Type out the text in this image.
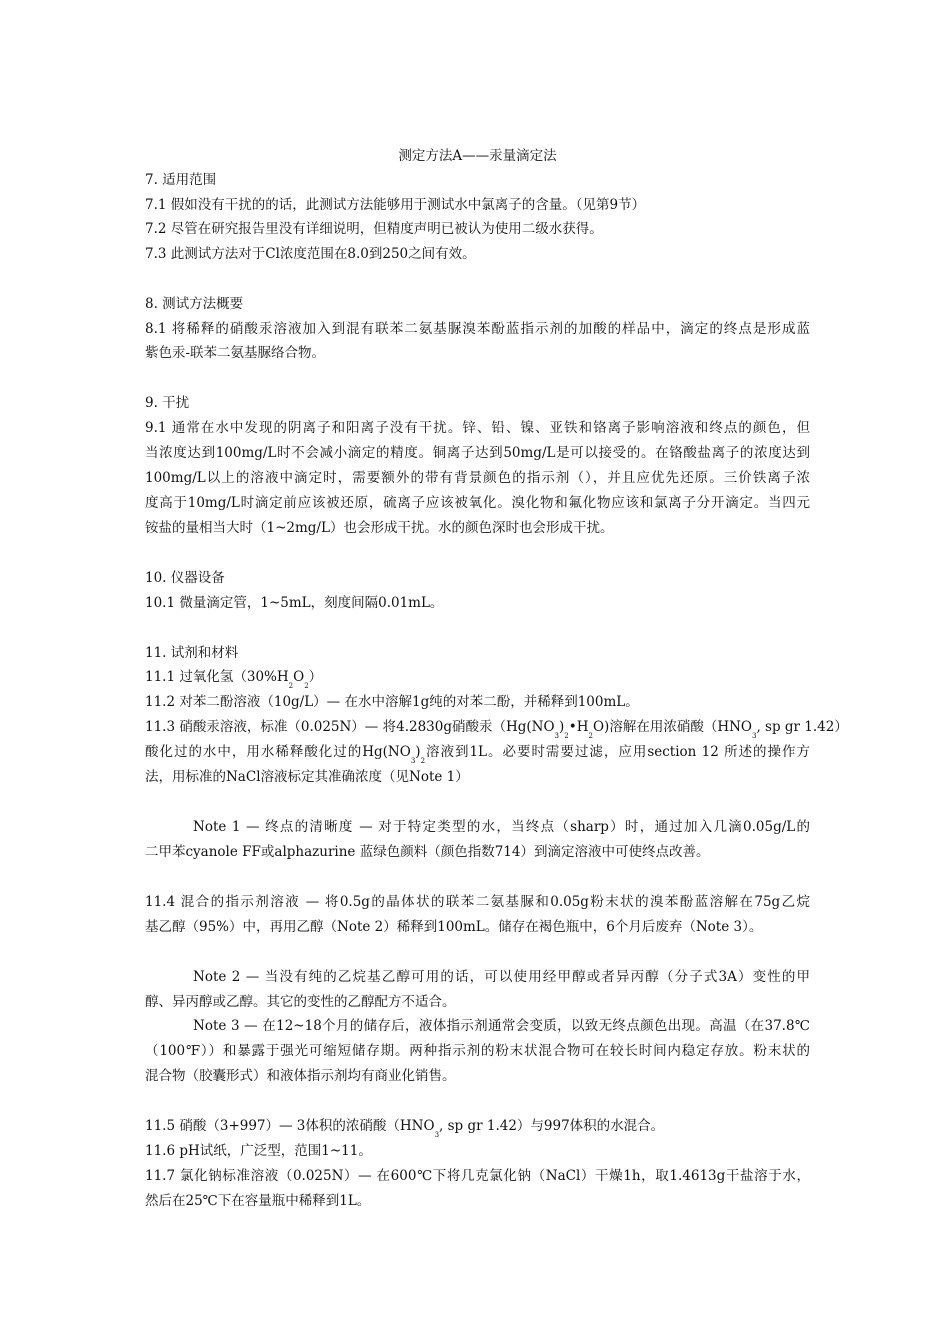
测定方法A——汞量滴定法
7. 适用范围
7.1 假如没有干扰的的话，此测试方法能够用于测试水中氯离子的含量。（见第9节）
7.2 尽管在研究报告里没有详细说明，但精度声明已被认为使用二级水获得。
7.3 此测试方法对于Cl浓度范围在8.0到250之间有效。
8. 测试方法概要
8.1 将稀释的硝酸汞溶液加入到混有联苯二氨基脲溴苯酚蓝指示剂的加酸的样品中，滴定的终点是形成蓝
紫色汞-联苯二氨基脲络合物。
9. 干扰
9.1 通常在水中发现的阴离子和阳离子没有干扰。锌、铅、镍、亚铁和铬离子影响溶液和终点的颜色，但
当浓度达到100mg/L时不会减小滴定的精度。铜离子达到50mg/L是可以接受的。在铬酸盐离子的浓度达到
100mg/L以上的溶液中滴定时，需要额外的带有背景颜色的指示剂（），并且应优先还原。三价铁离子浓
度高于10mg/L时滴定前应该被还原，硫离子应该被氧化。溴化物和氟化物应该和氯离子分开滴定。当四元
铵盐的量相当大时（1~2mg/L）也会形成干扰。水的颜色深时也会形成干扰。
10. 仪器设备
10.1 微量滴定管，1~5mL，刻度间隔0.01mL。
11. 试剂和材料
11.1 过氧化氢$(30\%H_2O_2)$
11.2 对苯二酚溶液（10g/L）— 在水中溶解1g纯的对苯二酚，并稀释到100mL。
11.3 硝酸汞溶液，标准（0.025N）— 将4.2830g硝酸汞$(Hg(NO_3)_2•H_2O)$溶解在用浓硝酸（$HNO_3$, sp gr 1.42）
酸化过的水中，用水稀释酸化过的$Hg(NO_3)_2$溶液到1L。必要时需要过滤，应用section 12 所述的操作方
法，用标准的NaCl溶液标定其准确浓度（见Note 1）
Note 1 — 终点的清晰度 — 对于特定类型的水，当终点（sharp）时，通过加入几滴0.05g/L的
二甲苯cyanole FF或alphazurine 蓝绿色颜料（颜色指数714）到滴定溶液中可使终点改善。
11.4 混合的指示剂溶液 — 将0.5g的晶体状的联苯二氨基脲和0.05g粉末状的溴苯酚蓝溶解在75g乙烷
基乙醇（95%）中，再用乙醇（Note 2）稀释到100mL。储存在褐色瓶中，6个月后废弃（Note 3）。
Note 2 — 当没有纯的乙烷基乙醇可用的话，可以使用经甲醇或者异丙醇（分子式3A）变性的甲
醇、异丙醇或乙醇。其它的变性的乙醇配方不适合。
Note 3 — 在12~18个月的储存后，液体指示剂通常会变质，以致无终点颜色出现。高温（在37.8℃
（100℉））和暴露于强光可缩短储存期。两种指示剂的粉末状混合物可在较长时间内稳定存放。粉末状的
混合物（胶囊形式）和液体指示剂均有商业化销售。
11.5 硝酸（3+997）— 3体积的浓硝酸（$HNO_3$, sp gr 1.42）与997体积的水混合。
11.6 pH试纸，广泛型，范围1~11。
11.7 氯化钠标准溶液（0.025N）— 在600℃下将几克氯化钠（NaCl）干燥1h，取1.4613g干盐溶于水，
然后在25℃下在容量瓶中稀释到1L。
